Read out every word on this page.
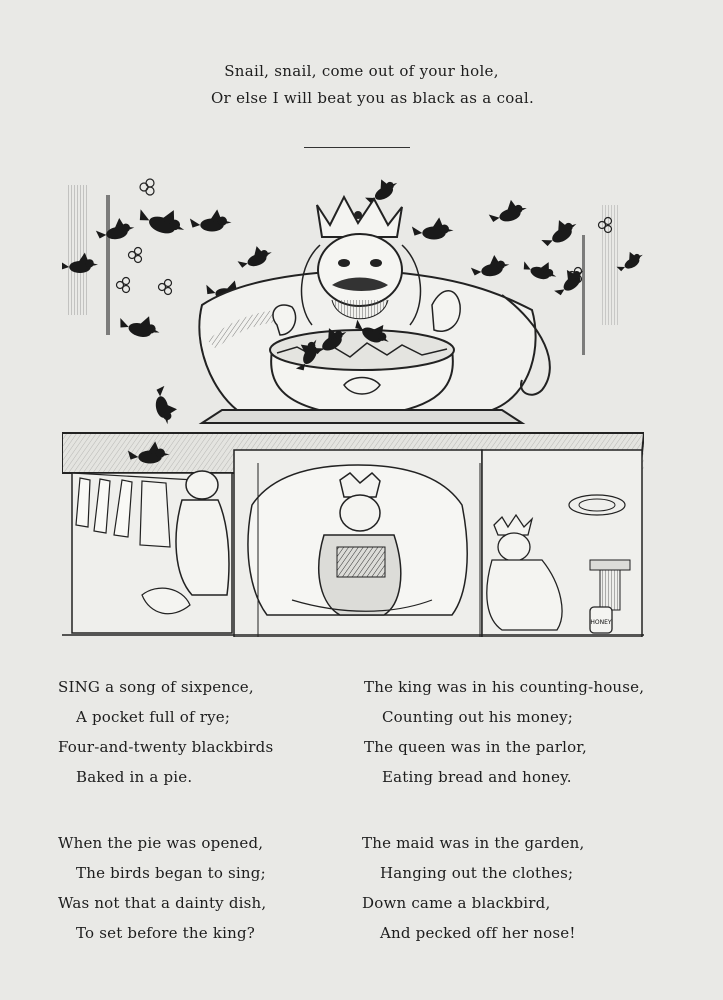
Snail, snail, come out of your hole,
Or else I will beat you as black as a coal.
HONEY
SING a song of sixpence,
A pocket full of rye;
Four-and-twenty blackbirds
Baked in a pie.
The king was in his counting-house,
Counting out his money;
The queen was in the parlor,
Eating bread and honey.
When the pie was opened,
The birds began to sing;
Was not that a dainty dish,
To set before the king?
The maid was in the garden,
Hanging out the clothes;
Down came a blackbird,
And pecked off her nose!
